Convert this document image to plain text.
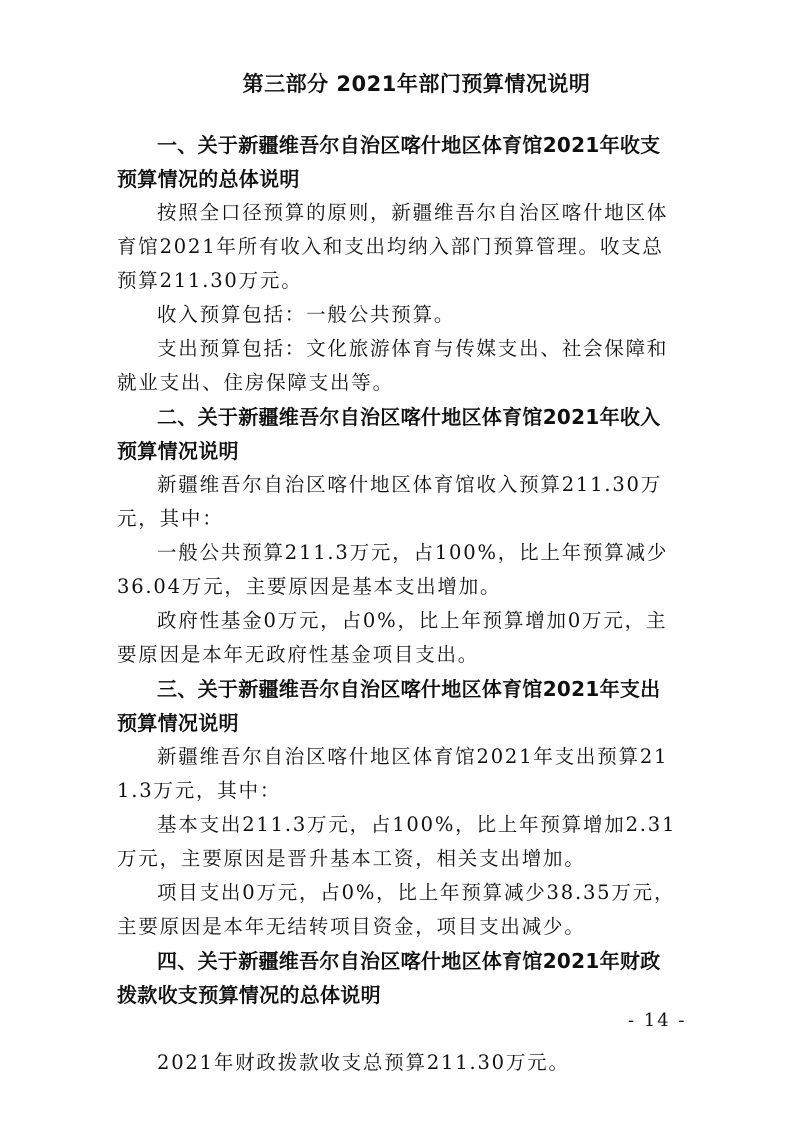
第三部分 2021年部门预算情况说明

一、关于新疆维吾尔自治区喀什地区体育馆2021年收支预算情况的总体说明

按照全口径预算的原则，新疆维吾尔自治区喀什地区体育馆2021年所有收入和支出均纳入部门预算管理。收支总预算211.30万元。

收入预算包括：一般公共预算。

支出预算包括：文化旅游体育与传媒支出、社会保障和就业支出、住房保障支出等。

二、关于新疆维吾尔自治区喀什地区体育馆2021年收入预算情况说明

新疆维吾尔自治区喀什地区体育馆收入预算211.30万元，其中：

一般公共预算211.3万元，占100%，比上年预算减少36.04万元，主要原因是基本支出增加。

政府性基金0万元，占0%，比上年预算增加0万元，主要原因是本年无政府性基金项目支出。

三、关于新疆维吾尔自治区喀什地区体育馆2021年支出预算情况说明

新疆维吾尔自治区喀什地区体育馆2021年支出预算211.3万元，其中：

基本支出211.3万元，占100%，比上年预算增加2.31万元，主要原因是晋升基本工资，相关支出增加。

项目支出0万元，占0%，比上年预算减少38.35万元，主要原因是本年无结转项目资金，项目支出减少。

四、关于新疆维吾尔自治区喀什地区体育馆2021年财政拨款收支预算情况的总体说明

2021年财政拨款收支总预算211.30万元。

- 14 -
